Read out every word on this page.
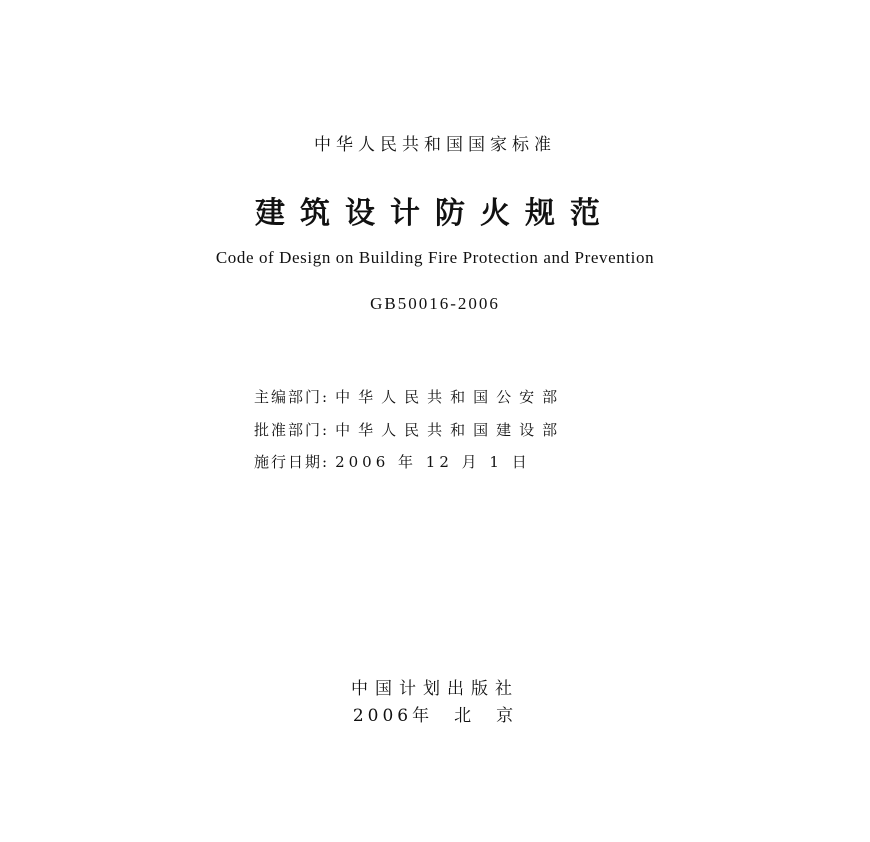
中华人民共和国国家标准
建筑设计防火规范
Code of Design on Building Fire Protection and Prevention
GB50016-2006
主编部门: 中华人民共和国公安部
批准部门: 中华人民共和国建设部
施行日期: 2006 年 12 月 1 日
中国计划出版社
2006年　北　京
